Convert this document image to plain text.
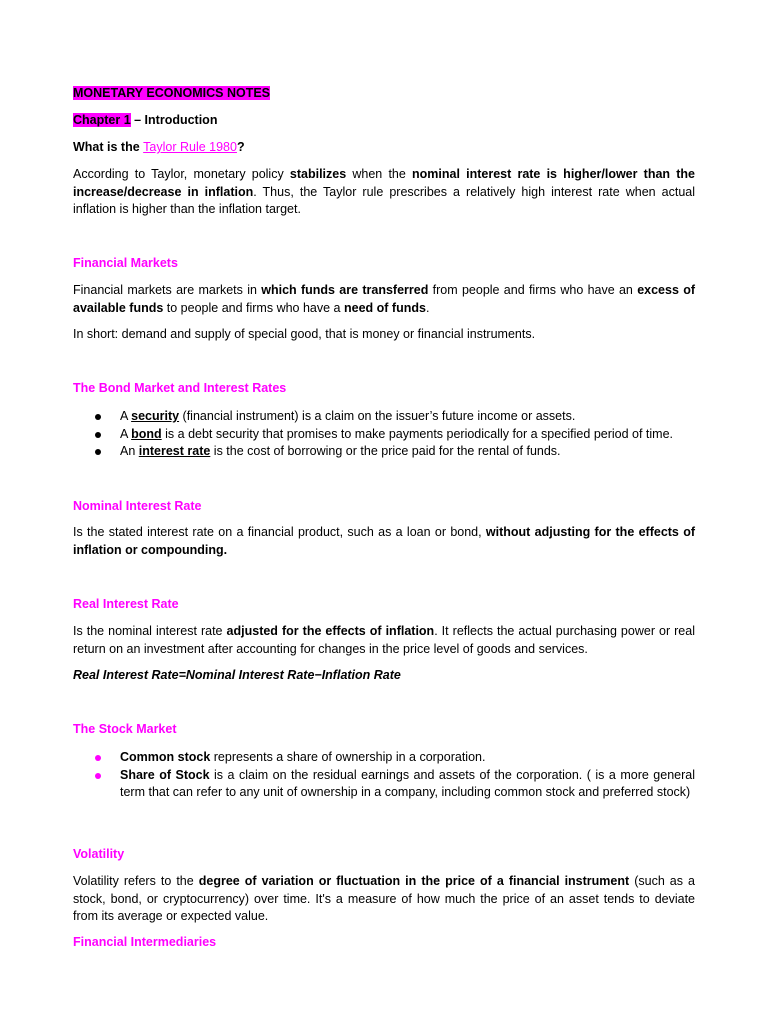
MONETARY ECONOMICS NOTES
Chapter 1 – Introduction
What is the Taylor Rule 1980?

According to Taylor, monetary policy stabilizes when the nominal interest rate is higher/lower than the increase/decrease in inflation. Thus, the Taylor rule prescribes a relatively high interest rate when actual inflation is higher than the inflation target.

Financial Markets

Financial markets are markets in which funds are transferred from people and firms who have an excess of available funds to people and firms who have a need of funds.

In short: demand and supply of special good, that is money or financial instruments.

The Bond Market and Interest Rates
A security (financial instrument) is a claim on the issuer’s future income or assets.
A bond is a debt security that promises to make payments periodically for a specified period of time.
An interest rate is the cost of borrowing or the price paid for the rental of funds.
Nominal Interest Rate

Is the stated interest rate on a financial product, such as a loan or bond, without adjusting for the effects of inflation or compounding.

Real Interest Rate

Is the nominal interest rate adjusted for the effects of inflation. It reflects the actual purchasing power or real return on an investment after accounting for changes in the price level of goods and services.

Real Interest Rate=Nominal Interest Rate−Inflation Rate
The Stock Market
Common stock represents a share of ownership in a corporation.
Share of Stock is a claim on the residual earnings and assets of the corporation. ( is a more general term that can refer to any unit of ownership in a company, including common stock and preferred stock)
Volatility

Volatility refers to the degree of variation or fluctuation in the price of a financial instrument (such as a stock, bond, or cryptocurrency) over time. It's a measure of how much the price of an asset tends to deviate from its average or expected value.

Financial Intermediaries
